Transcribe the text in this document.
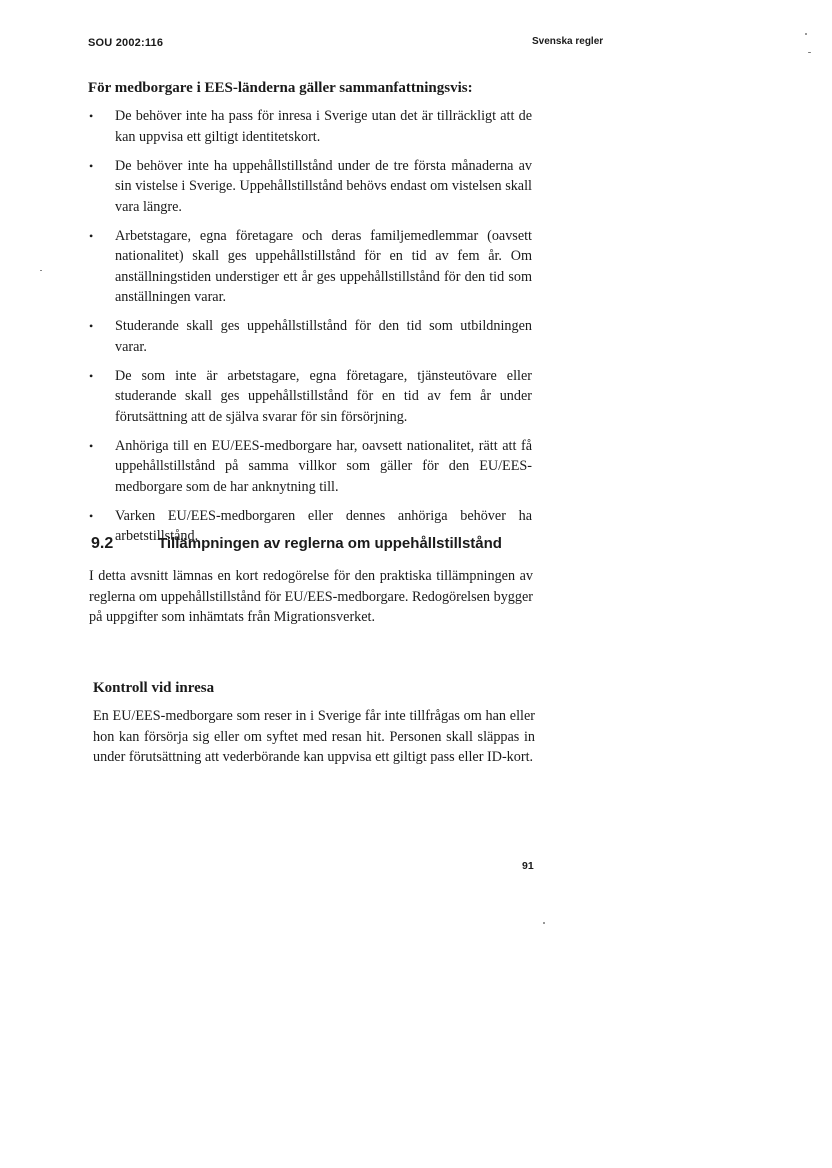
SOU 2002:116	Svenska regler
För medborgare i EES-länderna gäller sammanfattningsvis:
• De behöver inte ha pass för inresa i Sverige utan det är tillräckligt att de kan uppvisa ett giltigt identitetskort.
• De behöver inte ha uppehållstillstånd under de tre första månaderna av sin vistelse i Sverige. Uppehållstillstånd behövs endast om vistelsen skall vara längre.
• Arbetstagare, egna företagare och deras familjemedlemmar (oavsett nationalitet) skall ges uppehållstillstånd för en tid av fem år. Om anställningstiden understiger ett år ges uppehållstillstånd för den tid som anställningen varar.
• Studerande skall ges uppehållstillstånd för den tid som utbildningen varar.
• De som inte är arbetstagare, egna företagare, tjänsteutövare eller studerande skall ges uppehållstillstånd för en tid av fem år under förutsättning att de själva svarar för sin försörjning.
• Anhöriga till en EU/EES-medborgare har, oavsett nationalitet, rätt att få uppehållstillstånd på samma villkor som gäller för den EU/EES-medborgare som de har anknytning till.
• Varken EU/EES-medborgaren eller dennes anhöriga behöver ha arbetstillstånd.
9.2	Tillämpningen av reglerna om uppehållstillstånd

I detta avsnitt lämnas en kort redogörelse för den praktiska tillämpningen av reglerna om uppehållstillstånd för EU/EES-medborgare. Redogörelsen bygger på uppgifter som inhämtats från Migrationsverket.

Kontroll vid inresa

En EU/EES-medborgare som reser in i Sverige får inte tillfrågas om han eller hon kan försörja sig eller om syftet med resan hit. Personen skall släppas in under förutsättning att vederbörande kan uppvisa ett giltigt pass eller ID-kort.

91
